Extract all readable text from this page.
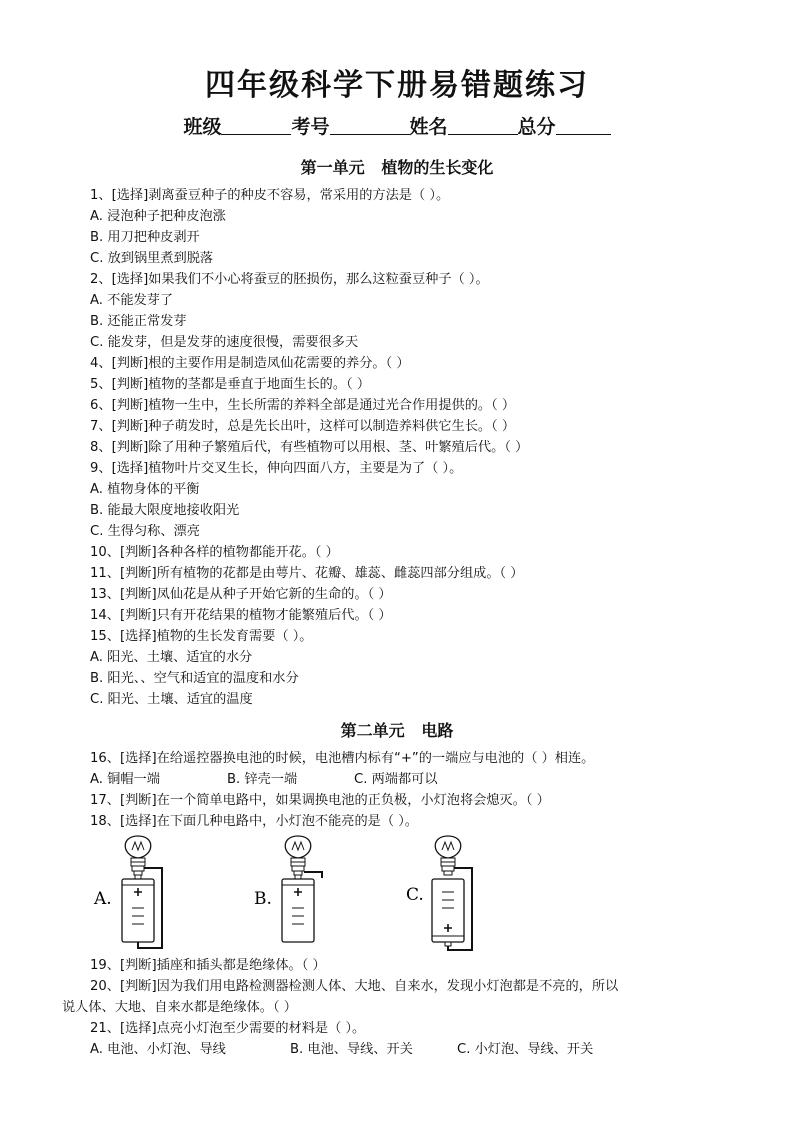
四年级科学下册易错题练习
班级	考号	姓名	总分
第一单元   植物的生长变化
1、[选择]剥离蚕豆种子的种皮不容易，常采用的方法是（ ）。
A. 浸泡种子把种皮泡涨
B. 用刀把种皮剥开
C. 放到锅里煮到脱落
2、[选择]如果我们不小心将蚕豆的胚损伤，那么这粒蚕豆种子（ ）。
A. 不能发芽了
B. 还能正常发芽
C. 能发芽，但是发芽的速度很慢，需要很多天
4、[判断]根的主要作用是制造凤仙花需要的养分。（ ）
5、[判断]植物的茎都是垂直于地面生长的。（ ）
6、[判断]植物一生中，生长所需的养料全部是通过光合作用提供的。（ ）
7、[判断]种子萌发时，总是先长出叶，这样可以制造养料供它生长。（ ）
8、[判断]除了用种子繁殖后代，有些植物可以用根、茎、叶繁殖后代。（ ）
9、[选择]植物叶片交叉生长，伸向四面八方，主要是为了（ ）。
A. 植物身体的平衡
B. 能最大限度地接收阳光
C. 生得匀称、漂亮
10、[判断]各种各样的植物都能开花。（ ）
11、[判断]所有植物的花都是由萼片、花瓣、雄蕊、雌蕊四部分组成。（ ）
13、[判断]凤仙花是从种子开始它新的生命的。（ ）
14、[判断]只有开花结果的植物才能繁殖后代。（ ）
15、[选择]植物的生长发育需要（ ）。
A. 阳光、土壤、适宜的水分
B. 阳光、、空气和适宜的温度和水分
C. 阳光、土壤、适宜的温度
第二单元   电路
16、[选择]在给遥控器换电池的时候，电池槽内标有“+”的一端应与电池的（ ）相连。
A. 铜帽一端	B. 锌壳一端	C. 两端都可以
17、[判断]在一个简单电路中，如果调换电池的正负极，小灯泡将会熄灭。（ ）
18、[选择]在下面几种电路中，小灯泡不能亮的是（ ）。
A.	B.	C.
19、[判断]插座和插头都是绝缘体。（ ）
20、[判断]因为我们用电路检测器检测人体、大地、自来水，发现小灯泡都是不亮的，所以
说人体、大地、自来水都是绝缘体。（ ）
21、[选择]点亮小灯泡至少需要的材料是（ ）。
A. 电池、小灯泡、导线	B. 电池、导线、开关	C. 小灯泡、导线、开关
